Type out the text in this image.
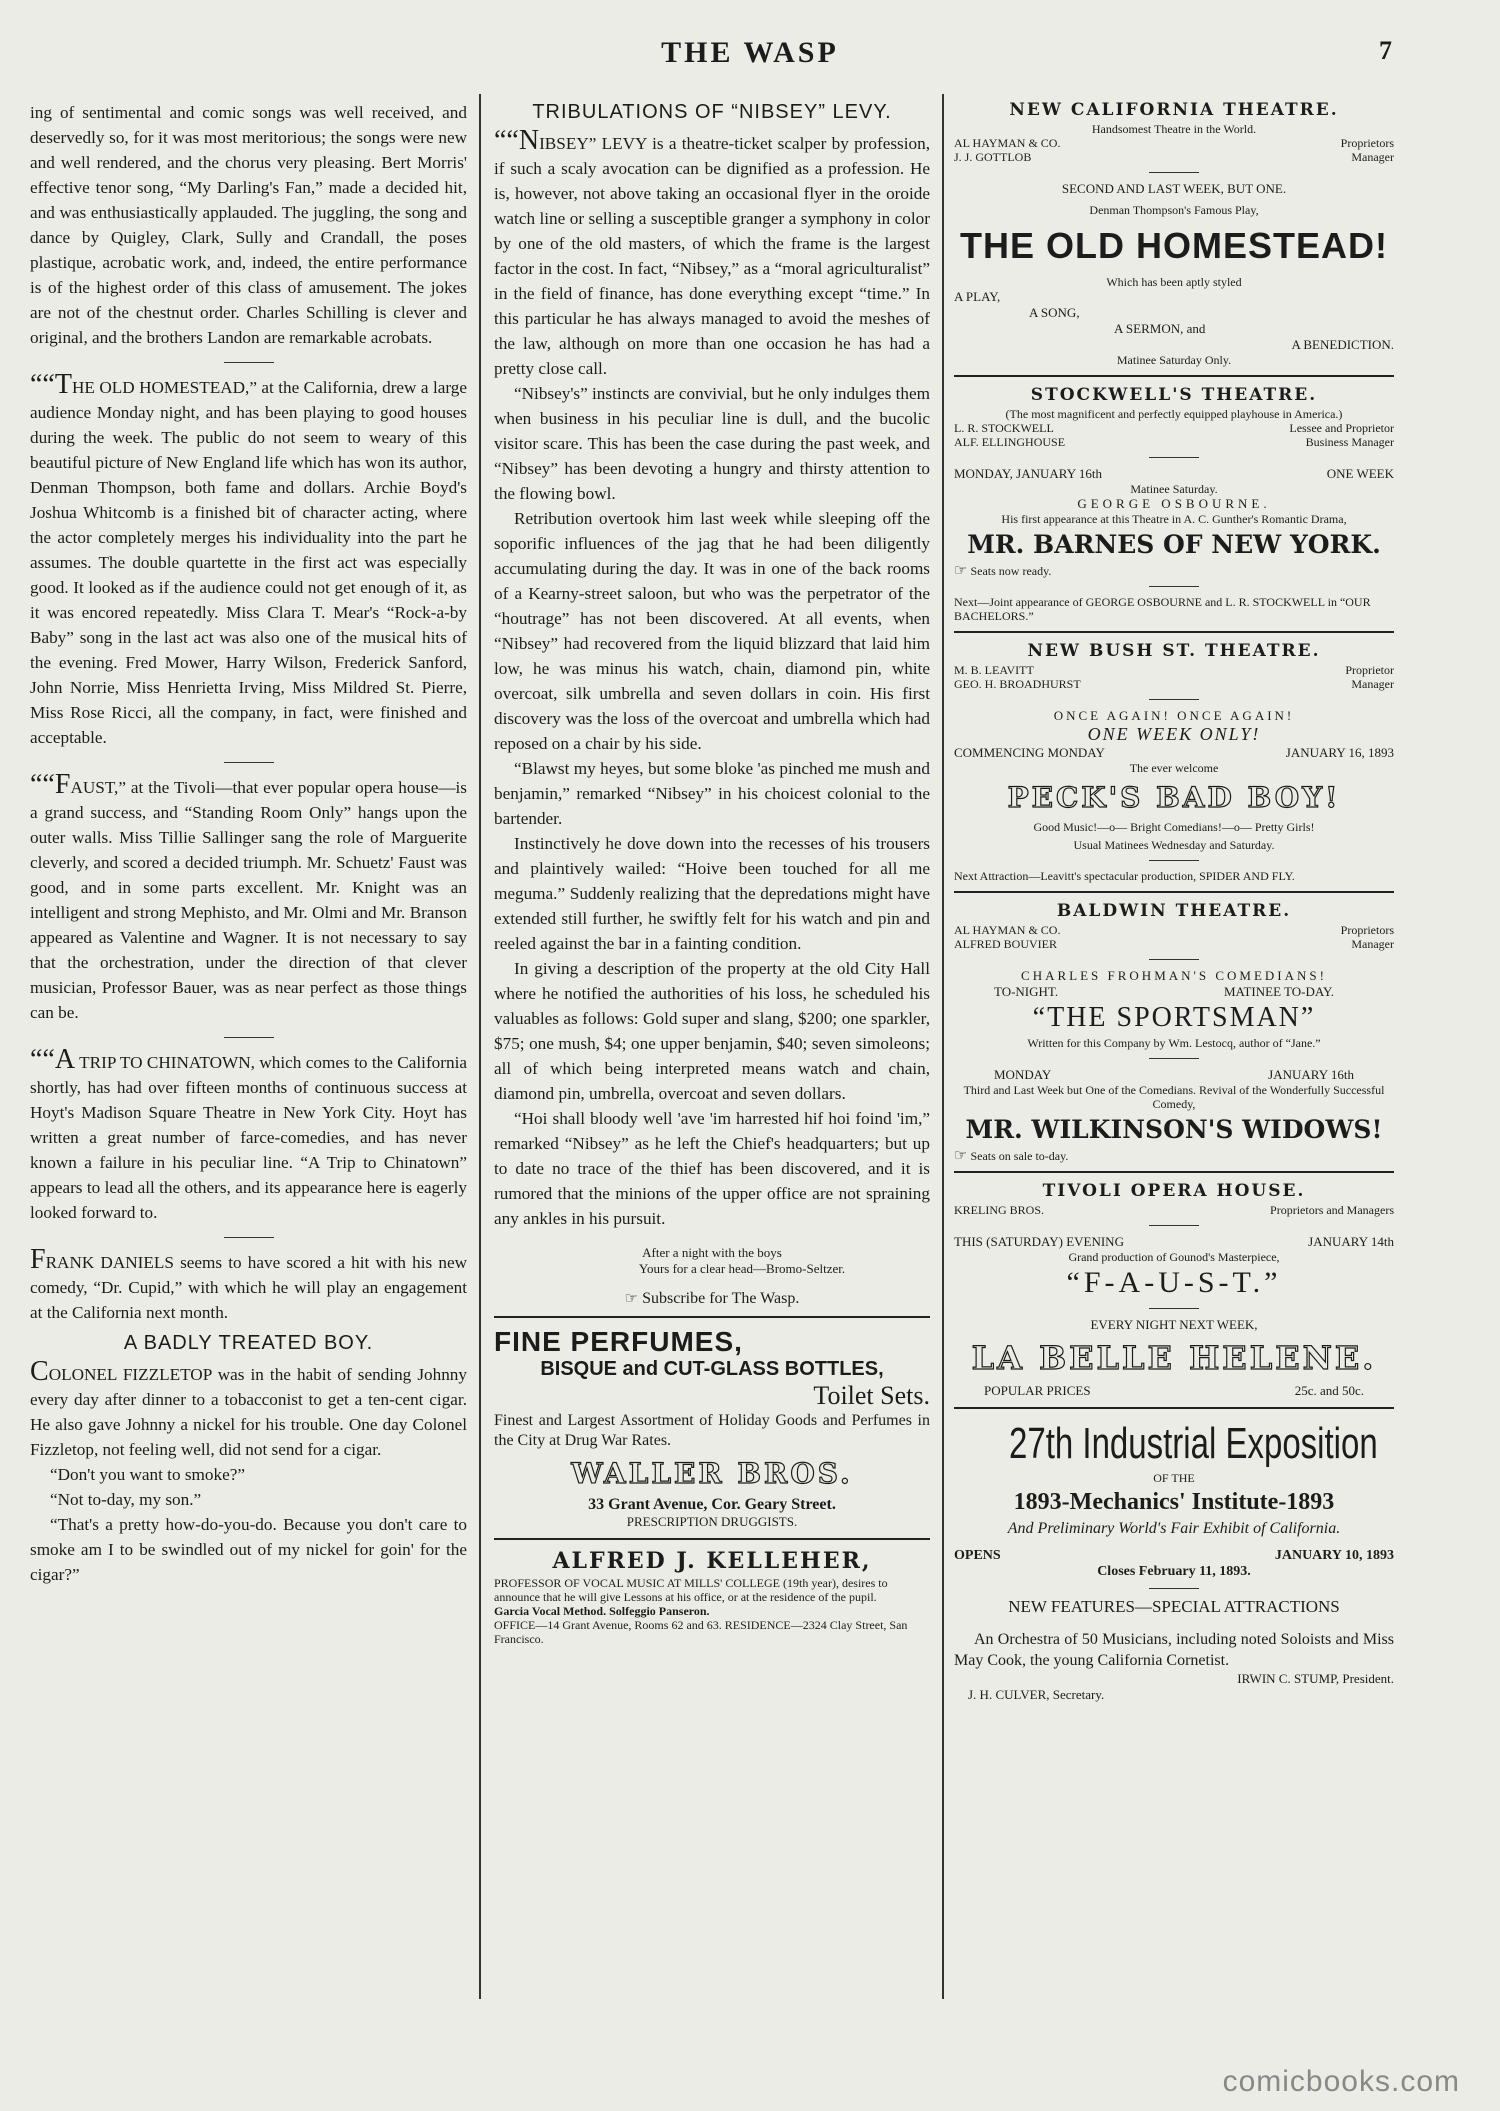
THE WASP	7

ing of sentimental and comic songs was well received, and deservedly so, for it was most meritorious; the songs were new and well rendered, and the chorus very pleasing. Bert Morris' effective tenor song, “My Darling's Fan,” made a decided hit, and was enthusiastically applauded. The juggling, the song and dance by Quigley, Clark, Sully and Crandall, the poses plastique, acrobatic work, and, indeed, the entire performance is of the highest order of this class of amusement. The jokes are not of the chestnut order. Charles Schilling is clever and original, and the brothers Landon are remarkable acrobats.

““THE OLD HOMESTEAD,” at the California, drew a large audience Monday night, and has been playing to good houses during the week. The public do not seem to weary of this beautiful picture of New England life which has won its author, Denman Thompson, both fame and dollars. Archie Boyd's Joshua Whitcomb is a finished bit of character acting, where the actor completely merges his individuality into the part he assumes. The double quartette in the first act was especially good. It looked as if the audience could not get enough of it, as it was encored repeatedly. Miss Clara T. Mear's “Rock-a-by Baby” song in the last act was also one of the musical hits of the evening. Fred Mower, Harry Wilson, Frederick Sanford, John Norrie, Miss Henrietta Irving, Miss Mildred St. Pierre, Miss Rose Ricci, all the company, in fact, were finished and acceptable.

““FAUST,” at the Tivoli—that ever popular opera house—is a grand success, and “Standing Room Only” hangs upon the outer walls. Miss Tillie Sallinger sang the role of Marguerite cleverly, and scored a decided triumph. Mr. Schuetz' Faust was good, and in some parts excellent. Mr. Knight was an intelligent and strong Mephisto, and Mr. Olmi and Mr. Branson appeared as Valentine and Wagner. It is not necessary to say that the orchestration, under the direction of that clever musician, Professor Bauer, was as near perfect as those things can be.

““A TRIP TO CHINATOWN, which comes to the California shortly, has had over fifteen months of continuous success at Hoyt's Madison Square Theatre in New York City. Hoyt has written a great number of farce-comedies, and has never known a failure in his peculiar line. “A Trip to Chinatown” appears to lead all the others, and its appearance here is eagerly looked forward to.

FRANK DANIELS seems to have scored a hit with his new comedy, “Dr. Cupid,” with which he will play an engagement at the California next month.

A BADLY TREATED BOY.

COLONEL FIZZLETOP was in the habit of sending Johnny every day after dinner to a tobacconist to get a ten-cent cigar. He also gave Johnny a nickel for his trouble. One day Colonel Fizzletop, not feeling well, did not send for a cigar.

“Don't you want to smoke?”

“Not to-day, my son.”

“That's a pretty how-do-you-do. Because you don't care to smoke am I to be swindled out of my nickel for goin' for the cigar?”

TRIBULATIONS OF “NIBSEY” LEVY.

““NIBSEY” LEVY is a theatre-ticket scalper by profession, if such a scaly avocation can be dignified as a profession. He is, however, not above taking an occasional flyer in the oroide watch line or selling a susceptible granger a symphony in color by one of the old masters, of which the frame is the largest factor in the cost. In fact, “Nibsey,” as a “moral agriculturalist” in the field of finance, has done everything except “time.” In this particular he has always managed to avoid the meshes of the law, although on more than one occasion he has had a pretty close call.

“Nibsey's” instincts are convivial, but he only indulges them when business in his peculiar line is dull, and the bucolic visitor scare. This has been the case during the past week, and “Nibsey” has been devoting a hungry and thirsty attention to the flowing bowl.

Retribution overtook him last week while sleeping off the soporific influences of the jag that he had been diligently accumulating during the day. It was in one of the back rooms of a Kearny-street saloon, but who was the perpetrator of the “houtrage” has not been discovered. At all events, when “Nibsey” had recovered from the liquid blizzard that laid him low, he was minus his watch, chain, diamond pin, white overcoat, silk umbrella and seven dollars in coin. His first discovery was the loss of the overcoat and umbrella which had reposed on a chair by his side.

“Blawst my heyes, but some bloke 'as pinched me mush and benjamin,” remarked “Nibsey” in his choicest colonial to the bartender.

Instinctively he dove down into the recesses of his trousers and plaintively wailed: “Hoive been touched for all me meguma.” Suddenly realizing that the depredations might have extended still further, he swiftly felt for his watch and pin and reeled against the bar in a fainting condition.

In giving a description of the property at the old City Hall where he notified the authorities of his loss, he scheduled his valuables as follows: Gold super and slang, $200; one sparkler, $75; one mush, $4; one upper benjamin, $40; seven simoleons; all of which being interpreted means watch and chain, diamond pin, umbrella, overcoat and seven dollars.

“Hoi shall bloody well 'ave 'im harrested hif hoi foind 'im,” remarked “Nibsey” as he left the Chief's headquarters; but up to date no trace of the thief has been discovered, and it is rumored that the minions of the upper office are not spraining any ankles in his pursuit.

After a night with the boys
Yours for a clear head—Bromo-Seltzer.
☞ Subscribe for The Wasp.
FINE PERFUMES,
BISQUE and CUT-GLASS BOTTLES,
Toilet Sets.
Finest and Largest Assortment of Holiday Goods and Perfumes in the City at Drug War Rates.
WALLER BROS.
33 Grant Avenue, Cor. Geary Street.
PRESCRIPTION DRUGGISTS.
ALFRED J. KELLEHER,
PROFESSOR OF VOCAL MUSIC AT MILLS' COLLEGE (19th year), desires to announce that he will give Lessons at his office, or at the residence of the pupil.
Garcia Vocal Method. Solfeggio Panseron.
OFFICE—14 Grant Avenue, Rooms 62 and 63. RESIDENCE—2324 Clay Street, San Francisco.
NEW CALIFORNIA THEATRE.
Handsomest Theatre in the World.
AL HAYMAN & CO.	Proprietors
J. J. GOTTLOB	Manager
SECOND AND LAST WEEK, BUT ONE.
Denman Thompson's Famous Play,
THE OLD HOMESTEAD!
Which has been aptly styled
A PLAY,
A SONG,
A SERMON, and
A BENEDICTION.
Matinee Saturday Only.
STOCKWELL'S THEATRE.
(The most magnificent and perfectly equipped playhouse in America.)
L. R. STOCKWELL	Lessee and Proprietor
ALF. ELLINGHOUSE	Business Manager
MONDAY, JANUARY 16th	ONE WEEK
Matinee Saturday.
GEORGE OSBOURNE.
His first appearance at this Theatre in A. C. Gunther's Romantic Drama,
MR. BARNES OF NEW YORK.
☞ Seats now ready.
Next—Joint appearance of GEORGE OSBOURNE and L. R. STOCKWELL in “OUR BACHELORS.”
NEW BUSH ST. THEATRE.
M. B. LEAVITT	Proprietor
GEO. H. BROADHURST	Manager
ONCE AGAIN! ONCE AGAIN!
ONE WEEK ONLY!
COMMENCING MONDAY	JANUARY 16, 1893
The ever welcome
PECK'S BAD BOY!
Good Music!—o— Bright Comedians!—o— Pretty Girls!
Usual Matinees Wednesday and Saturday.
Next Attraction—Leavitt's spectacular production, SPIDER AND FLY.
BALDWIN THEATRE.
AL HAYMAN & CO.	Proprietors
ALFRED BOUVIER	Manager
CHARLES FROHMAN'S COMEDIANS!
TO-NIGHT.	MATINEE TO-DAY.
“THE SPORTSMAN”
Written for this Company by Wm. Lestocq, author of “Jane.”
MONDAY	JANUARY 16th
Third and Last Week but One of the Comedians. Revival of the Wonderfully Successful Comedy,
MR. WILKINSON'S WIDOWS!
☞ Seats on sale to-day.
TIVOLI OPERA HOUSE.
KRELING BROS.	Proprietors and Managers
THIS (SATURDAY) EVENING	JANUARY 14th
Grand production of Gounod's Masterpiece,
“F-A-U-S-T.”
EVERY NIGHT NEXT WEEK,
LA BELLE HELENE.
POPULAR PRICES	25c. and 50c.
27th Industrial Exposition
OF THE
1893-Mechanics' Institute-1893
And Preliminary World's Fair Exhibit of California.
OPENS	JANUARY 10, 1893
Closes February 11, 1893.
NEW FEATURES—SPECIAL ATTRACTIONS
An Orchestra of 50 Musicians, including noted Soloists and Miss May Cook, the young California Cornetist.
IRWIN C. STUMP, President.
J. H. CULVER, Secretary.
comicbooks.com
